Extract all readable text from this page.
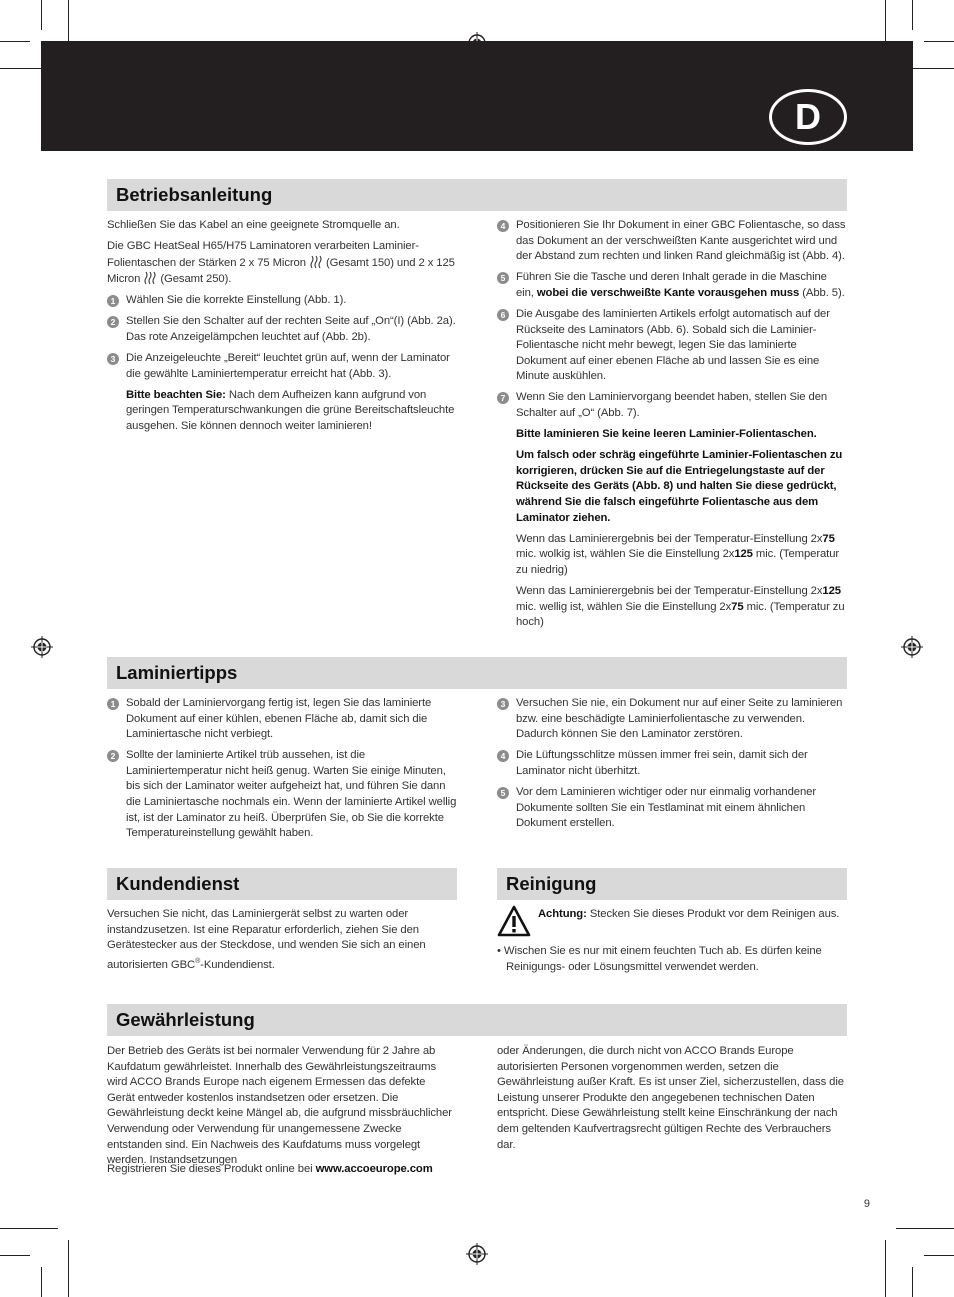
D
Betriebsanleitung

Schließen Sie das Kabel an eine geeignete Stromquelle an.

Die GBC HeatSeal H65/H75 Laminatoren verarbeiten Laminier-Folientaschen der Stärken 2 x 75 Micron (Gesamt 150) und 2 x 125 Micron (Gesamt 250).

1 Wählen Sie die korrekte Einstellung (Abb. 1).
2 Stellen Sie den Schalter auf der rechten Seite auf „On“(I) (Abb. 2a). Das rote Anzeigelämpchen leuchtet auf (Abb. 2b).
3 Die Anzeigeleuchte „Bereit“ leuchtet grün auf, wenn der Laminator die gewählte Laminiertemperatur erreicht hat (Abb. 3).
Bitte beachten Sie: Nach dem Aufheizen kann aufgrund von geringen Temperaturschwankungen die grüne Bereitschaftsleuchte ausgehen. Sie können dennoch weiter laminieren!
4 Positionieren Sie Ihr Dokument in einer GBC Folientasche, so dass das Dokument an der verschweißten Kante ausgerichtet wird und der Abstand zum rechten und linken Rand gleichmäßig ist (Abb. 4).
5 Führen Sie die Tasche und deren Inhalt gerade in die Maschine ein, wobei die verschweißte Kante vorausgehen muss (Abb. 5).
6 Die Ausgabe des laminierten Artikels erfolgt automatisch auf der Rückseite des Laminators (Abb. 6). Sobald sich die Laminier-Folientasche nicht mehr bewegt, legen Sie das laminierte Dokument auf einer ebenen Fläche ab und lassen Sie es eine Minute auskühlen.
7 Wenn Sie den Laminiervorgang beendet haben, stellen Sie den Schalter auf „O“ (Abb. 7).
Bitte laminieren Sie keine leeren Laminier-Folientaschen.
Um falsch oder schräg eingeführte Laminier-Folientaschen zu korrigieren, drücken Sie auf die Entriegelungstaste auf der Rückseite des Geräts (Abb. 8) und halten Sie diese gedrückt, während Sie die falsch eingeführte Folientasche aus dem Laminator ziehen.
Wenn das Laminierergebnis bei der Temperatur-Einstellung 2x75 mic. wolkig ist, wählen Sie die Einstellung 2x125 mic. (Temperatur zu niedrig)
Wenn das Laminierergebnis bei der Temperatur-Einstellung 2x125 mic. wellig ist, wählen Sie die Einstellung 2x75 mic. (Temperatur zu hoch)
Laminiertipps
1 Sobald der Laminiervorgang fertig ist, legen Sie das laminierte Dokument auf einer kühlen, ebenen Fläche ab, damit sich die Laminiertasche nicht verbiegt.
2 Sollte der laminierte Artikel trüb aussehen, ist die Laminiertemperatur nicht heiß genug. Warten Sie einige Minuten, bis sich der Laminator weiter aufgeheizt hat, und führen Sie dann die Laminiertasche nochmals ein. Wenn der laminierte Artikel wellig ist, ist der Laminator zu heiß. Überprüfen Sie, ob Sie die korrekte Temperatureinstellung gewählt haben.
3 Versuchen Sie nie, ein Dokument nur auf einer Seite zu laminieren bzw. eine beschädigte Laminierfolientasche zu verwenden. Dadurch können Sie den Laminator zerstören.
4 Die Lüftungsschlitze müssen immer frei sein, damit sich der Laminator nicht überhitzt.
5 Vor dem Laminieren wichtiger oder nur einmalig vorhandener Dokumente sollten Sie ein Testlaminat mit einem ähnlichen Dokument erstellen.
Kundendienst

Versuchen Sie nicht, das Laminiergerät selbst zu warten oder instandzusetzen. Ist eine Reparatur erforderlich, ziehen Sie den Gerätestecker aus der Steckdose, und wenden Sie sich an einen autorisierten GBC®-Kundendienst.

Reinigung
Achtung: Stecken Sie dieses Produkt vor dem Reinigen aus.
• Wischen Sie es nur mit einem feuchten Tuch ab. Es dürfen keine Reinigungs- oder Lösungsmittel verwendet werden.
Gewährleistung

Der Betrieb des Geräts ist bei normaler Verwendung für 2 Jahre ab Kaufdatum gewährleistet. Innerhalb des Gewährleistungszeitraums wird ACCO Brands Europe nach eigenem Ermessen das defekte Gerät entweder kostenlos instandsetzen oder ersetzen. Die Gewährleistung deckt keine Mängel ab, die aufgrund missbräuchlicher Verwendung oder Verwendung für unangemessene Zwecke entstanden sind. Ein Nachweis des Kaufdatums muss vorgelegt werden. Instandsetzungen

oder Änderungen, die durch nicht von ACCO Brands Europe autorisierten Personen vorgenommen werden, setzen die Gewährleistung außer Kraft. Es ist unser Ziel, sicherzustellen, dass die Leistung unserer Produkte den angegebenen technischen Daten entspricht. Diese Gewährleistung stellt keine Einschränkung der nach dem geltenden Kaufvertragsrecht gültigen Rechte des Verbrauchers dar.

Registrieren Sie dieses Produkt online bei www.accoeurope.com
9
